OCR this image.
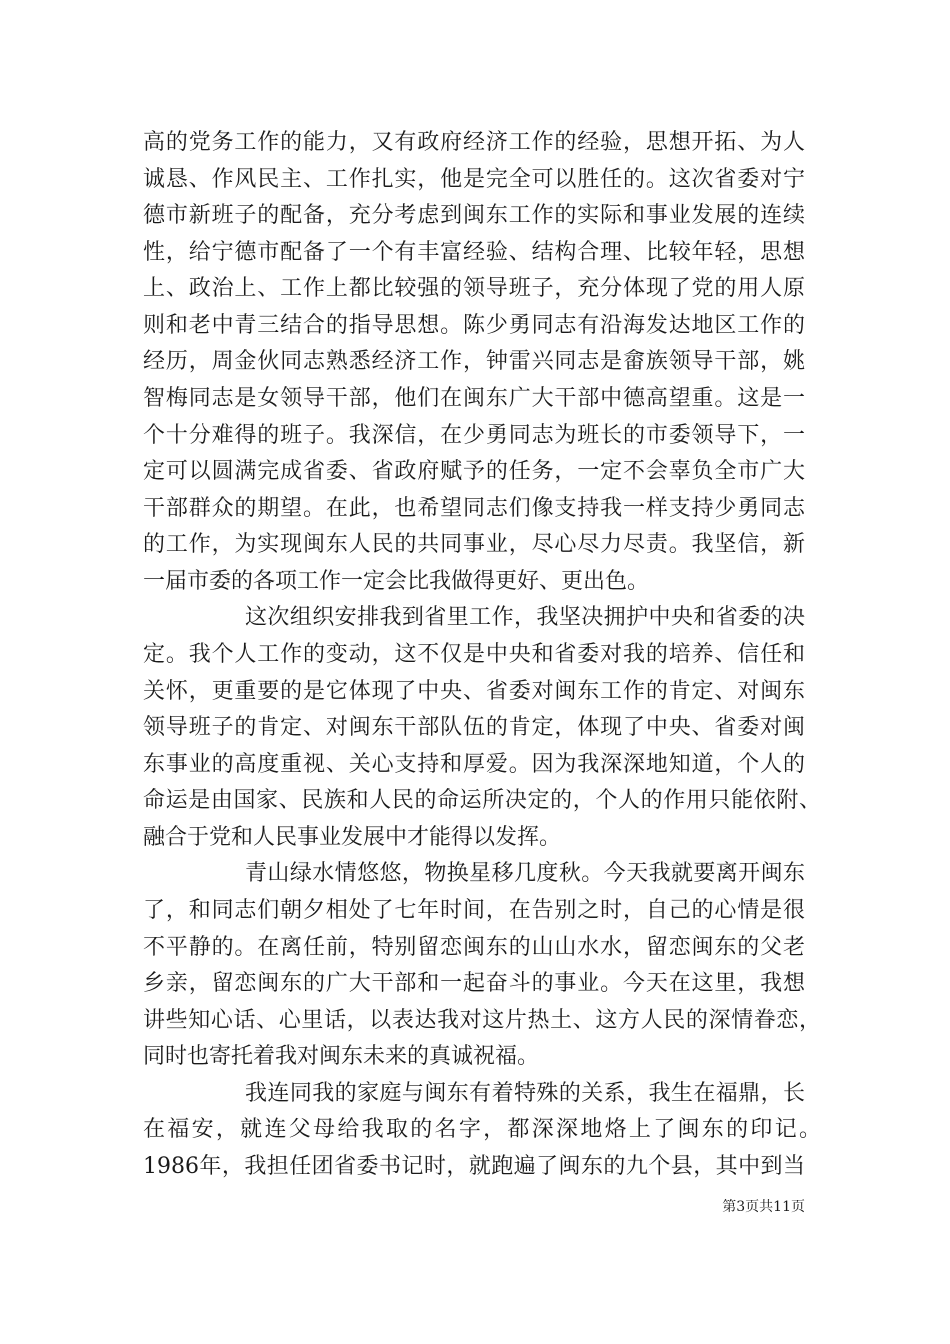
高的党务工作的能力，又有政府经济工作的经验，思想开拓、为人
诚恳、作风民主、工作扎实，他是完全可以胜任的。这次省委对宁
德市新班子的配备，充分考虑到闽东工作的实际和事业发展的连续
性，给宁德市配备了一个有丰富经验、结构合理、比较年轻，思想
上、政治上、工作上都比较强的领导班子，充分体现了党的用人原
则和老中青三结合的指导思想。陈少勇同志有沿海发达地区工作的
经历，周金伙同志熟悉经济工作，钟雷兴同志是畲族领导干部，姚
智梅同志是女领导干部，他们在闽东广大干部中德高望重。这是一
个十分难得的班子。我深信，在少勇同志为班长的市委领导下，一
定可以圆满完成省委、省政府赋予的任务，一定不会辜负全市广大
干部群众的期望。在此，也希望同志们像支持我一样支持少勇同志
的工作，为实现闽东人民的共同事业，尽心尽力尽责。我坚信，新
一届市委的各项工作一定会比我做得更好、更出色。
这次组织安排我到省里工作，我坚决拥护中央和省委的决
定。我个人工作的变动，这不仅是中央和省委对我的培养、信任和
关怀，更重要的是它体现了中央、省委对闽东工作的肯定、对闽东
领导班子的肯定、对闽东干部队伍的肯定，体现了中央、省委对闽
东事业的高度重视、关心支持和厚爱。因为我深深地知道，个人的
命运是由国家、民族和人民的命运所决定的，个人的作用只能依附、
融合于党和人民事业发展中才能得以发挥。
青山绿水情悠悠，物换星移几度秋。今天我就要离开闽东
了，和同志们朝夕相处了七年时间，在告别之时，自己的心情是很
不平静的。在离任前，特别留恋闽东的山山水水，留恋闽东的父老
乡亲，留恋闽东的广大干部和一起奋斗的事业。今天在这里，我想
讲些知心话、心里话，以表达我对这片热土、这方人民的深情眷恋，
同时也寄托着我对闽东未来的真诚祝福。
我连同我的家庭与闽东有着特殊的关系，我生在福鼎，长
在福安，就连父母给我取的名字，都深深地烙上了闽东的印记。
1986年，我担任团省委书记时，就跑遍了闽东的九个县，其中到当
第3页共11页
